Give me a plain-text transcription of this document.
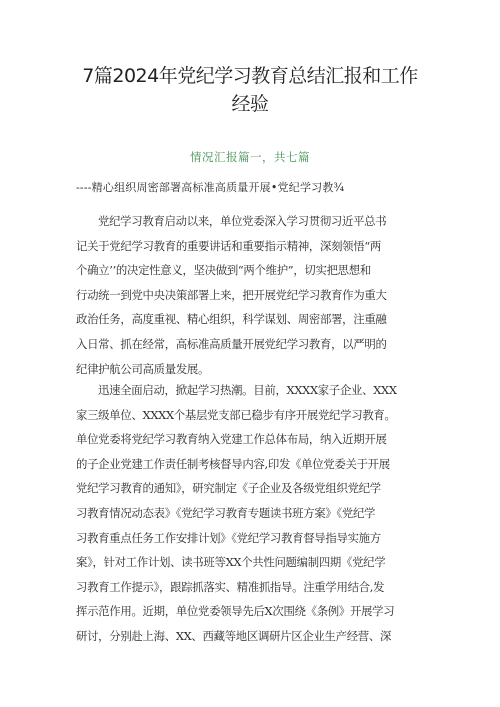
7篇2024年党纪学习教育总结汇报和工作
经验
情况汇报篇一，共七篇
----精心组织周密部署高标准高质量开展•党纪学习教¾
党纪学习教育启动以来，单位党委深入学习贯彻习近平总书
记关于党纪学习教育的重要讲话和重要指示精神，深刻领悟“两
个确立’’的决定性意义，坚决做到“两个维护”，切实把思想和
行动统一到党中央决策部署上来，把开展党纪学习教育作为重大
政治任务，高度重视、精心组织，科学谋划、周密部署，注重融
入日常、抓在经常，高标准高质量开展党纪学习教育，以严明的
纪律护航公司高质量发展。
迅速全面启动，掀起学习热潮。目前，XXXX家子企业、XXX
家三级单位、XXXX个基层党支部已稳步有序开展党纪学习教育。
单位党委将党纪学习教育纳入党建工作总体布局，纳入近期开展
的子企业党建工作责任制考核督导内容,印发《单位党委关于开展
党纪学习教育的通知》，研究制定《子企业及各级党组织党纪学
习教育情况动态表》《党纪学习教育专题读书班方案》《党纪学
习教育重点任务工作安排计划》《党纪学习教育督导指导实施方
案》，针对工作计划、读书班等XX个共性问题编制四期《党纪学
习教育工作提示》，跟踪抓落实、精准抓指导。注重学用结合,发
挥示范作用。近期，单位党委领导先后X次围绕《条例》开展学习
研讨，分别赴上海、XX、西藏等地区调研片区企业生产经营、深
